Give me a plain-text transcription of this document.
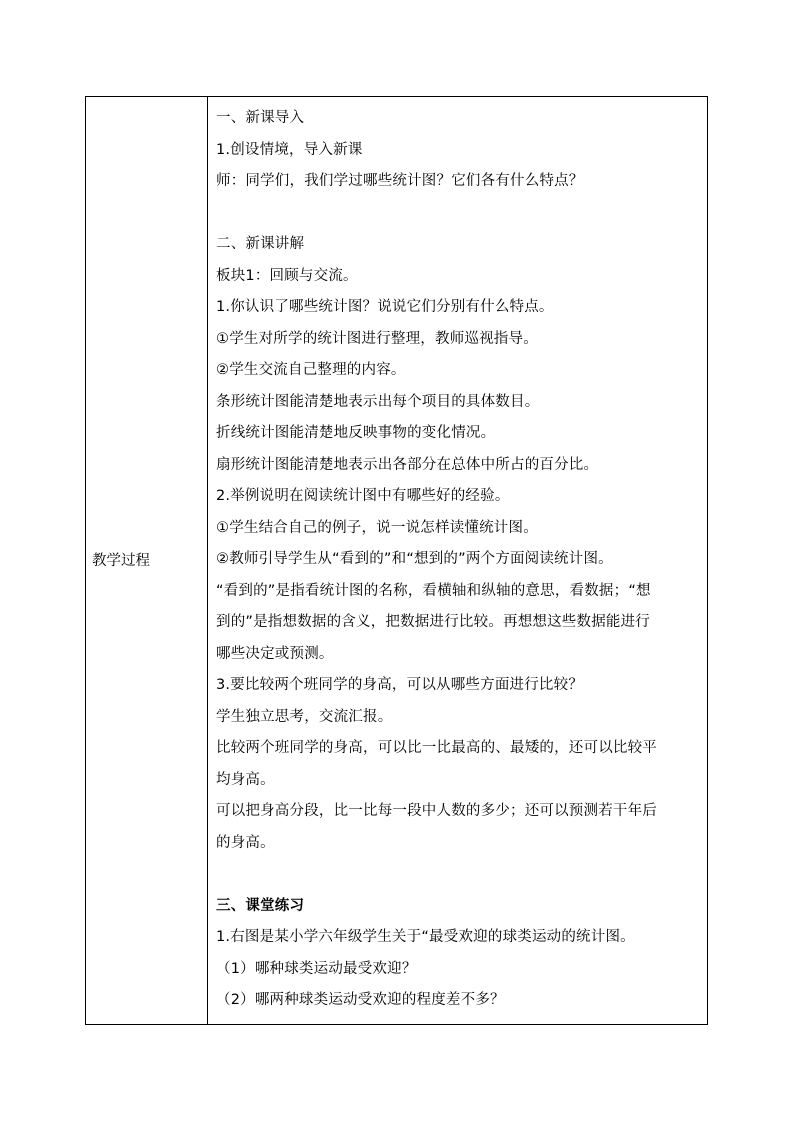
教学过程
一、新课导入
1.创设情境，导入新课
师：同学们，我们学过哪些统计图？它们各有什么特点？
二、新课讲解
板块1：回顾与交流。
1.你认识了哪些统计图？说说它们分别有什么特点。
①学生对所学的统计图进行整理，教师巡视指导。
②学生交流自己整理的内容。
条形统计图能清楚地表示出每个项目的具体数目。
折线统计图能清楚地反映事物的变化情况。
扇形统计图能清楚地表示出各部分在总体中所占的百分比。
2.举例说明在阅读统计图中有哪些好的经验。
①学生结合自己的例子，说一说怎样读懂统计图。
②教师引导学生从“看到的”和“想到的”两个方面阅读统计图。
“看到的”是指看统计图的名称，看横轴和纵轴的意思，看数据；“想
到的”是指想数据的含义，把数据进行比较。再想想这些数据能进行
哪些决定或预测。
3.要比较两个班同学的身高，可以从哪些方面进行比较？
学生独立思考，交流汇报。
比较两个班同学的身高，可以比一比最高的、最矮的，还可以比较平
均身高。
可以把身高分段，比一比每一段中人数的多少；还可以预测若干年后
的身高。
三、课堂练习
1.右图是某小学六年级学生关于“最受欢迎的球类运动的统计图。
（1）哪种球类运动最受欢迎？
（2）哪两种球类运动受欢迎的程度差不多？
